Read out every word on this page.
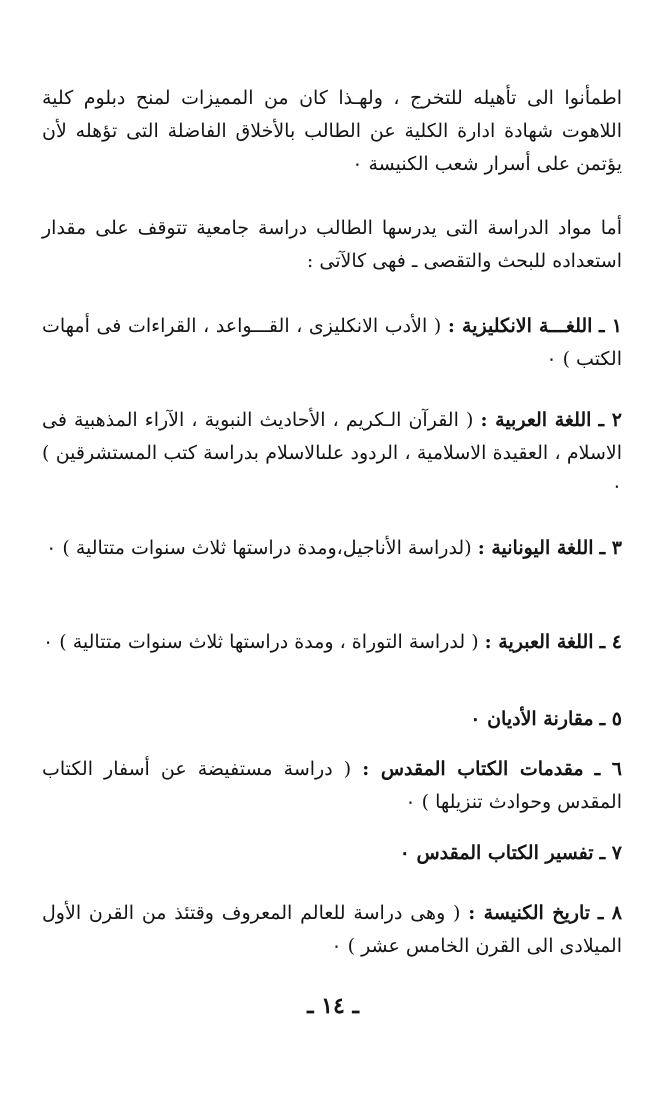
اطمأنوا الى تأهيله للتخرج ، ولهـذا كان من المميزات لمنح دبلوم كلية اللاهوت شهادة ادارة الكلية عن الطالب بالأخلاق الفاضلة التى تؤهله لأن يؤتمن على أسرار شعب الكنيسة ٠

أما مواد الدراسة التى يدرسها الطالب دراسة جامعية تتوقف على مقدار استعداده للبحث والتقصى ـ فهى كالآتى :

١ ـ اللغـــة الانكليزية : ( الأدب الانكليزى ، القـــواعد ، القراءات فى أمهات الكتب ) ٠

٢ ـ اللغة العربية : ( القرآن الـكريم ، الأحاديث النبوية ، الآراء المذهبية فى الاسلام ، العقيدة الاسلامية ، الردود علىالاسلام بدراسة كتب المستشرقين ) ٠

٣ ـ اللغة اليونانية : (لدراسة الأناجيل،ومدة دراستها ثلاث سنوات متتالية ) ٠

٤ ـ اللغة العبرية : ( لدراسة التوراة ، ومدة دراستها ثلاث سنوات متتالية ) ٠

٥ ـ مقارنة الأديان ٠

٦ ـ مقدمات الكتاب المقدس : ( دراسة مستفيضة عن أسفار الكتاب المقدس وحوادث تنزيلها ) ٠

٧ ـ تفسير الكتاب المقدس ٠

٨ ـ تاريخ الكنيسة : ( وهى دراسة للعالم المعروف وقتئذ من القرن الأول الميلادى الى القرن الخامس عشر ) ٠

ـ ١٤ ـ
